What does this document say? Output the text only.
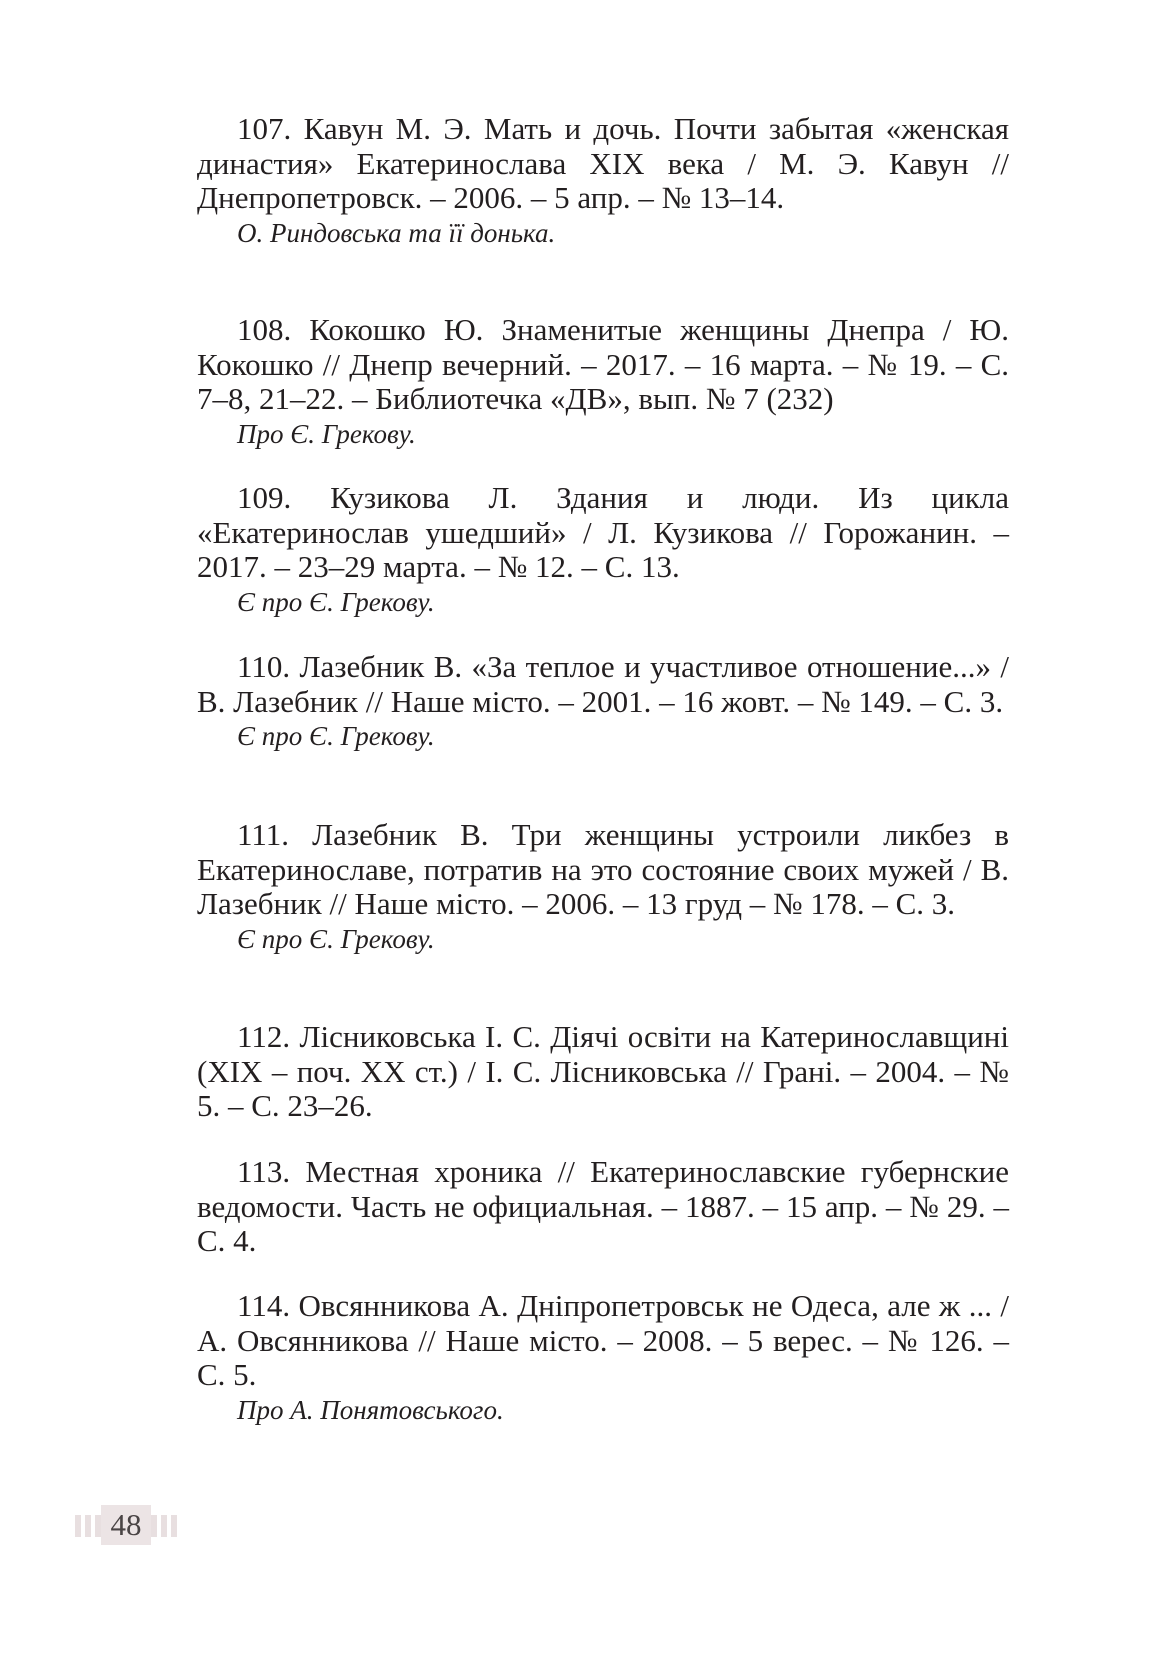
107. Кавун М. Э. Мать и дочь. Почти забытая «женская династия» Екатеринослава XIX века / М. Э. Кавун // Днепропетровск. – 2006. – 5 апр. – № 13–14.

О. Риндовська та її донька.

108. Кокошко Ю. Знаменитые женщины Днепра / Ю. Кокошко // Днепр вечерний. – 2017. – 16 марта. – № 19. – С. 7–8, 21–22. – Библиотечка «ДВ», вып. № 7 (232)

Про Є. Грекову.

109. Кузикова Л. Здания и люди. Из цикла «Екатеринослав ушедший» / Л. Кузикова // Горожанин. – 2017. – 23–29 марта. – № 12. – С. 13.

Є про Є. Грекову.

110. Лазебник В. «За теплое и участливое отношение...» / В. Лазебник // Наше місто. – 2001. – 16 жовт. – № 149. – С. 3.

Є про Є. Грекову.

111. Лазебник В. Три женщины устроили ликбез в Екатеринославе, потратив на это состояние своих мужей / В. Лазебник // Наше місто. – 2006. – 13 груд – № 178. – С. 3.

Є про Є. Грекову.

112. Лісниковська І. С. Діячі освіти на Катеринославщині (XIX – поч. XX ст.) / І. С. Лісниковська // Грані. – 2004. – № 5. – С. 23–26.

113. Местная хроника // Екатеринославские губернские ведомости. Часть не официальная. – 1887. – 15 апр. – № 29. – С. 4.

114. Овсянникова А. Дніпропетровськ не Одеса, але ж ... / А. Овсянникова // Наше місто. – 2008. – 5 верес. – № 126. – С. 5.

Про А. Понятовського.

48
